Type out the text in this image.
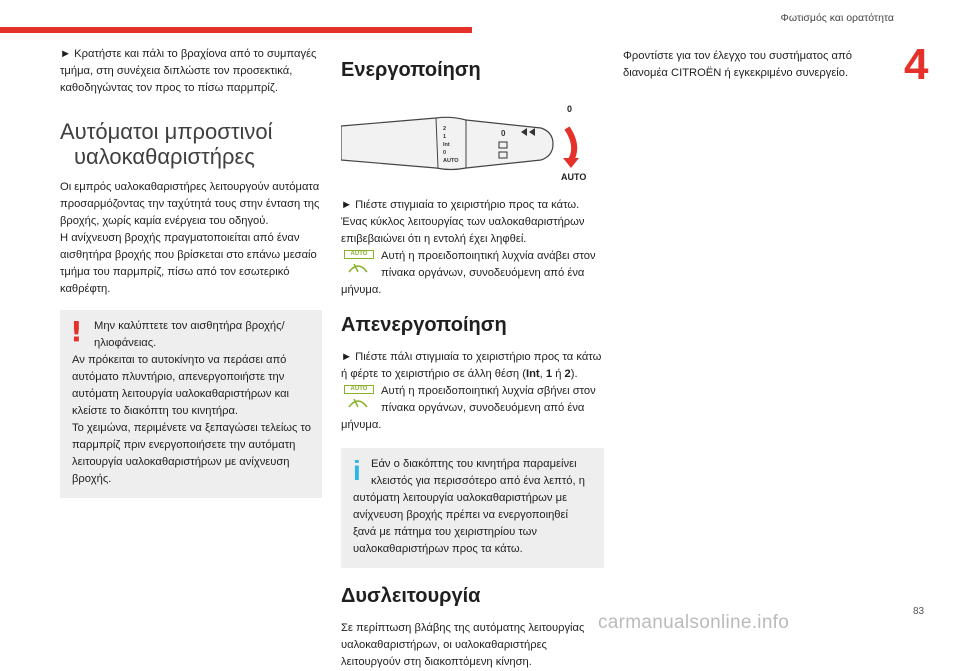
Φωτισμός και ορατότητα
4

► Κρατήστε και πάλι το βραχίονα από το συμπαγές τμήμα, στη συνέχεια διπλώστε τον προσεκτικά, καθοδηγώντας τον προς το πίσω παρμπρίζ.

Αυτόματοι μπροστινοί
υαλοκαθαριστήρες

Οι εμπρός υαλοκαθαριστήρες λειτουργούν αυτόματα προσαρμόζοντας την ταχύτητά τους στην ένταση της βροχής, χωρίς καμία ενέργεια του οδηγού.

Η ανίχνευση βροχής πραγματοποιείται από έναν αισθητήρα βροχής που βρίσκεται στο επάνω μεσαίο τμήμα του παρμπρίζ, πίσω από τον εσωτερικό καθρέφτη.

!	Μην καλύπτετε τον αισθητήρα βροχής/

ηλιοφάνειας.

Αν πρόκειται το αυτοκίνητο να περάσει από αυτόματο πλυντήριο, απενεργοποιήστε την αυτόματη λειτουργία υαλοκαθαριστήρων και κλείστε το διακόπτη του κινητήρα.

Το χειμώνα, περιμένετε να ξεπαγώσει τελείως το παρμπρίζ πριν ενεργοποιήσετε την αυτόματη λειτουργία υαλοκαθαριστήρων με ανίχνευση βροχής.

Ενεργοποίηση
2
1
Int
0
AUTO
0
0
AUTO

► Πιέστε στιγμιαία το χειριστήριο προς τα κάτω.

Ένας κύκλος λειτουργίας των υαλοκαθαριστήρων επιβεβαιώνει ότι η εντολή έχει ληφθεί.

AUTO	Αυτή η προειδοποιητική λυχνία ανάβει στον πίνακα οργάνων, συνοδευόμενη από ένα μήνυμα.

Απενεργοποίηση

► Πιέστε πάλι στιγμιαία το χειριστήριο προς τα κάτω ή φέρτε το χειριστήριο σε άλλη θέση (Int, 1 ή 2).

AUTO	Αυτή η προειδοποιητική λυχνία σβήνει στον πίνακα οργάνων, συνοδευόμενη από ένα μήνυμα.

i Εάν ο διακόπτης του κινητήρα παραμείνει

κλειστός για περισσότερο από ένα λεπτό, η αυτόματη λειτουργία υαλοκαθαριστήρων με ανίχνευση βροχής πρέπει να ενεργοποιηθεί ξανά με πάτημα του χειριστηρίου των υαλοκαθαριστήρων προς τα κάτω.

Δυσλειτουργία

Σε περίπτωση βλάβης της αυτόματης λειτουργίας υαλοκαθαριστήρων, οι υαλοκαθαριστήρες λειτουργούν στη διακοπτόμενη κίνηση.

Φροντίστε για τον έλεγχο του συστήματος από διανομέα CITROËN ή εγκεκριμένο συνεργείο.

83
carmanualsonline.info
